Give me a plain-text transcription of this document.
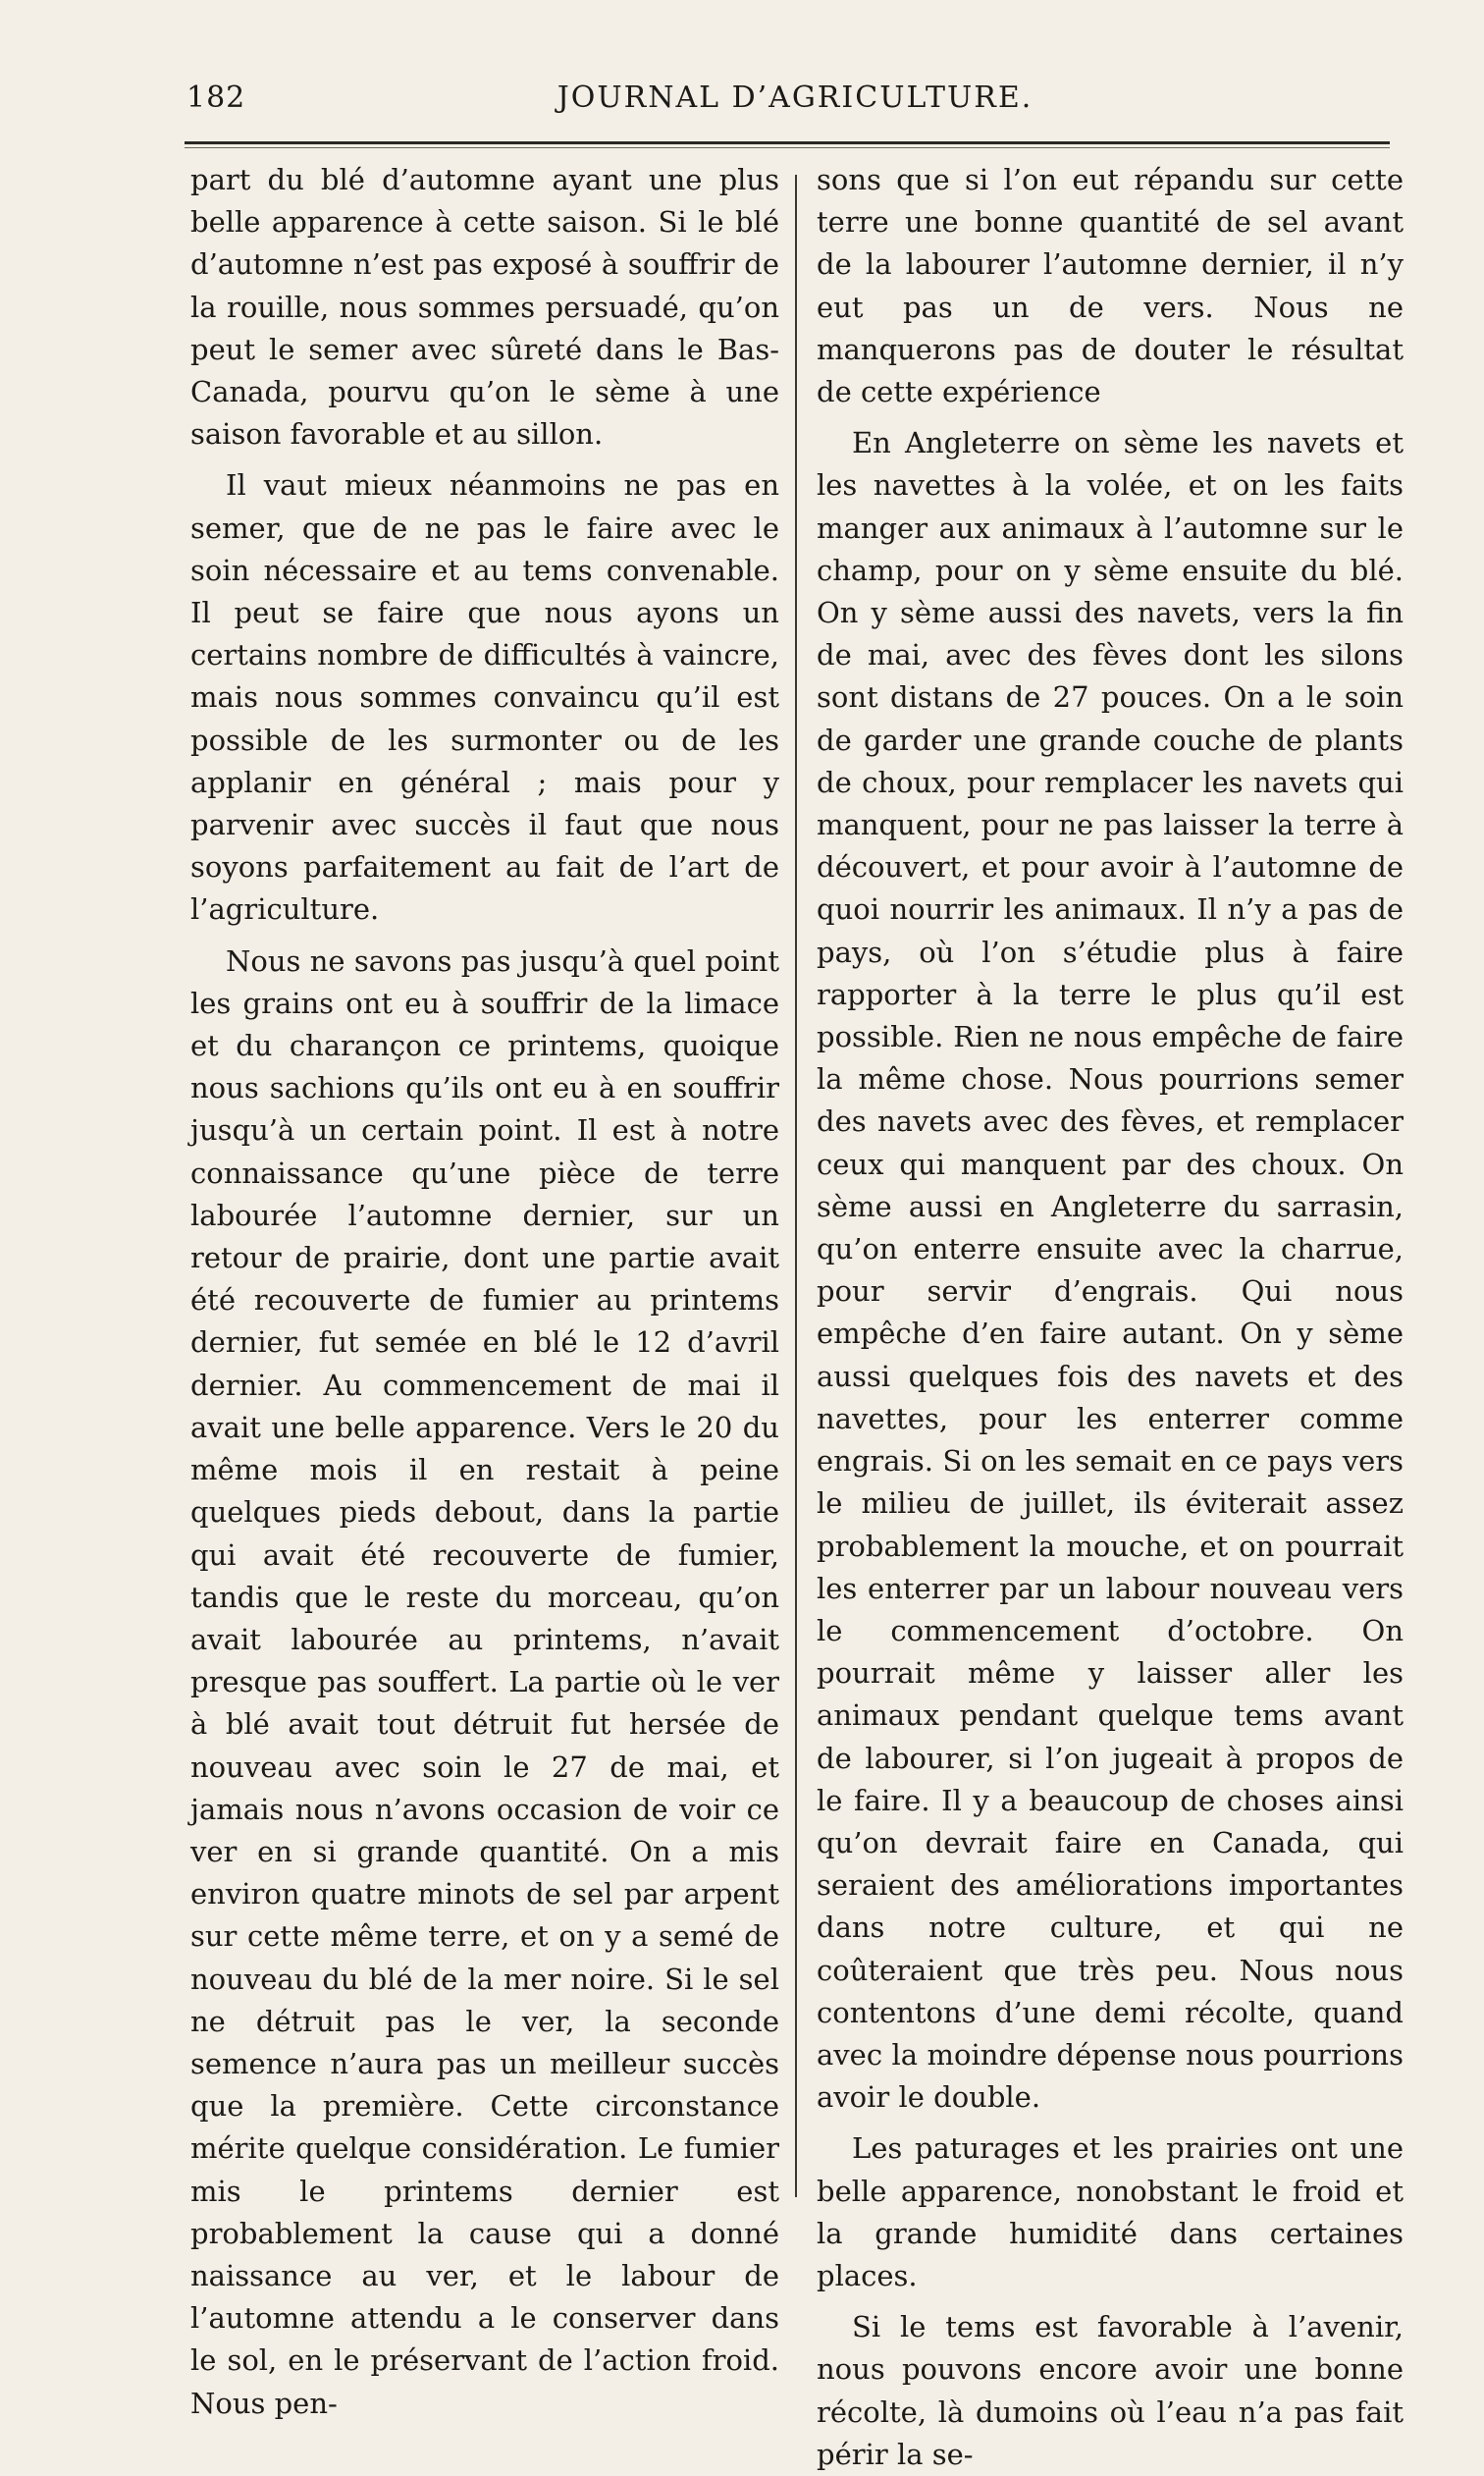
182	JOURNAL D’AGRICULTURE.

part du blé d’automne ayant une plus belle apparence à cette saison. Si le blé d’automne n’est pas exposé à souffrir de la rouille, nous sommes persuadé, qu’on peut le semer avec sûreté dans le Bas-Canada, pourvu qu’on le sème à une saison favorable et au sillon.

Il vaut mieux néanmoins ne pas en semer, que de ne pas le faire avec le soin nécessaire et au tems convenable. Il peut se faire que nous ayons un certains nombre de difficultés à vaincre, mais nous sommes convaincu qu’il est possible de les surmonter ou de les applanir en général ; mais pour y parvenir avec succès il faut que nous soyons parfaitement au fait de l’art de l’agriculture.

Nous ne savons pas jusqu’à quel point les grains ont eu à souffrir de la limace et du charançon ce printems, quoique nous sachions qu’ils ont eu à en souffrir jusqu’à un certain point. Il est à notre connaissance qu’une pièce de terre labourée l’automne dernier, sur un retour de prairie, dont une partie avait été recouverte de fumier au printems dernier, fut semée en blé le 12 d’avril dernier. Au commencement de mai il avait une belle apparence. Vers le 20 du même mois il en restait à peine quelques pieds debout, dans la partie qui avait été recouverte de fumier, tandis que le reste du morceau, qu’on avait labourée au printems, n’avait presque pas souffert. La partie où le ver à blé avait tout détruit fut hersée de nouveau avec soin le 27 de mai, et jamais nous n’avons occasion de voir ce ver en si grande quantité. On a mis environ quatre minots de sel par arpent sur cette même terre, et on y a semé de nouveau du blé de la mer noire. Si le sel ne détruit pas le ver, la seconde semence n’aura pas un meilleur succès que la première. Cette circonstance mérite quelque considération. Le fumier mis le printems dernier est probablement la cause qui a donné naissance au ver, et le labour de l’automne attendu a le conserver dans le sol, en le préservant de l’action froid. Nous pen-

sons que si l’on eut répandu sur cette terre une bonne quantité de sel avant de la labourer l’automne dernier, il n’y eut pas un de vers. Nous ne manquerons pas de douter le résultat de cette expérience

En Angleterre on sème les navets et les navettes à la volée, et on les faits manger aux animaux à l’automne sur le champ, pour on y sème ensuite du blé. On y sème aussi des navets, vers la fin de mai, avec des fèves dont les silons sont distans de 27 pouces. On a le soin de garder une grande couche de plants de choux, pour remplacer les navets qui manquent, pour ne pas laisser la terre à découvert, et pour avoir à l’automne de quoi nourrir les animaux. Il n’y a pas de pays, où l’on s’étudie plus à faire rapporter à la terre le plus qu’il est possible. Rien ne nous empêche de faire la même chose. Nous pourrions semer des navets avec des fèves, et remplacer ceux qui manquent par des choux. On sème aussi en Angleterre du sarrasin, qu’on enterre ensuite avec la charrue, pour servir d’engrais. Qui nous empêche d’en faire autant. On y sème aussi quelques fois des navets et des navettes, pour les enterrer comme engrais. Si on les semait en ce pays vers le milieu de juillet, ils éviterait assez probablement la mouche, et on pourrait les enterrer par un labour nouveau vers le commencement d’octobre. On pourrait même y laisser aller les animaux pendant quelque tems avant de labourer, si l’on jugeait à propos de le faire. Il y a beaucoup de choses ainsi qu’on devrait faire en Canada, qui seraient des améliorations importantes dans notre culture, et qui ne coûteraient que très peu. Nous nous contentons d’une demi récolte, quand avec la moindre dépense nous pourrions avoir le double.

Les paturages et les prairies ont une belle apparence, nonobstant le froid et la grande humidité dans certaines places.

Si le tems est favorable à l’avenir, nous pouvons encore avoir une bonne récolte, là dumoins où l’eau n’a pas fait périr la se-
